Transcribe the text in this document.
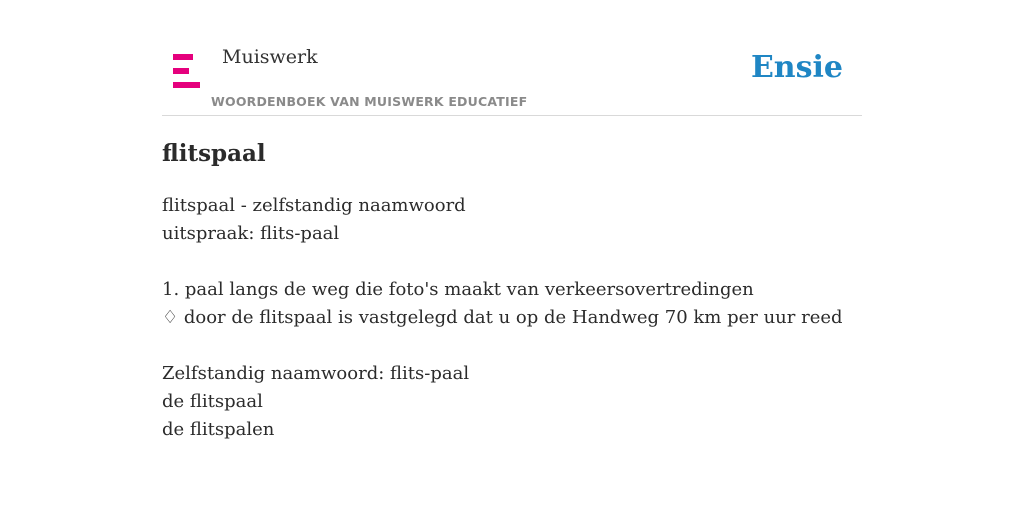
Muiswerk
WOORDENBOEK VAN MUISWERK EDUCATIEF
Ensie
flitspaal
flitspaal - zelfstandig naamwoord
uitspraak: flits-paal
1. paal langs de weg die foto's maakt van verkeersovertredingen
♢ door de flitspaal is vastgelegd dat u op de Handweg 70 km per uur reed
Zelfstandig naamwoord: flits-paal
de flitspaal
de flitspalen
